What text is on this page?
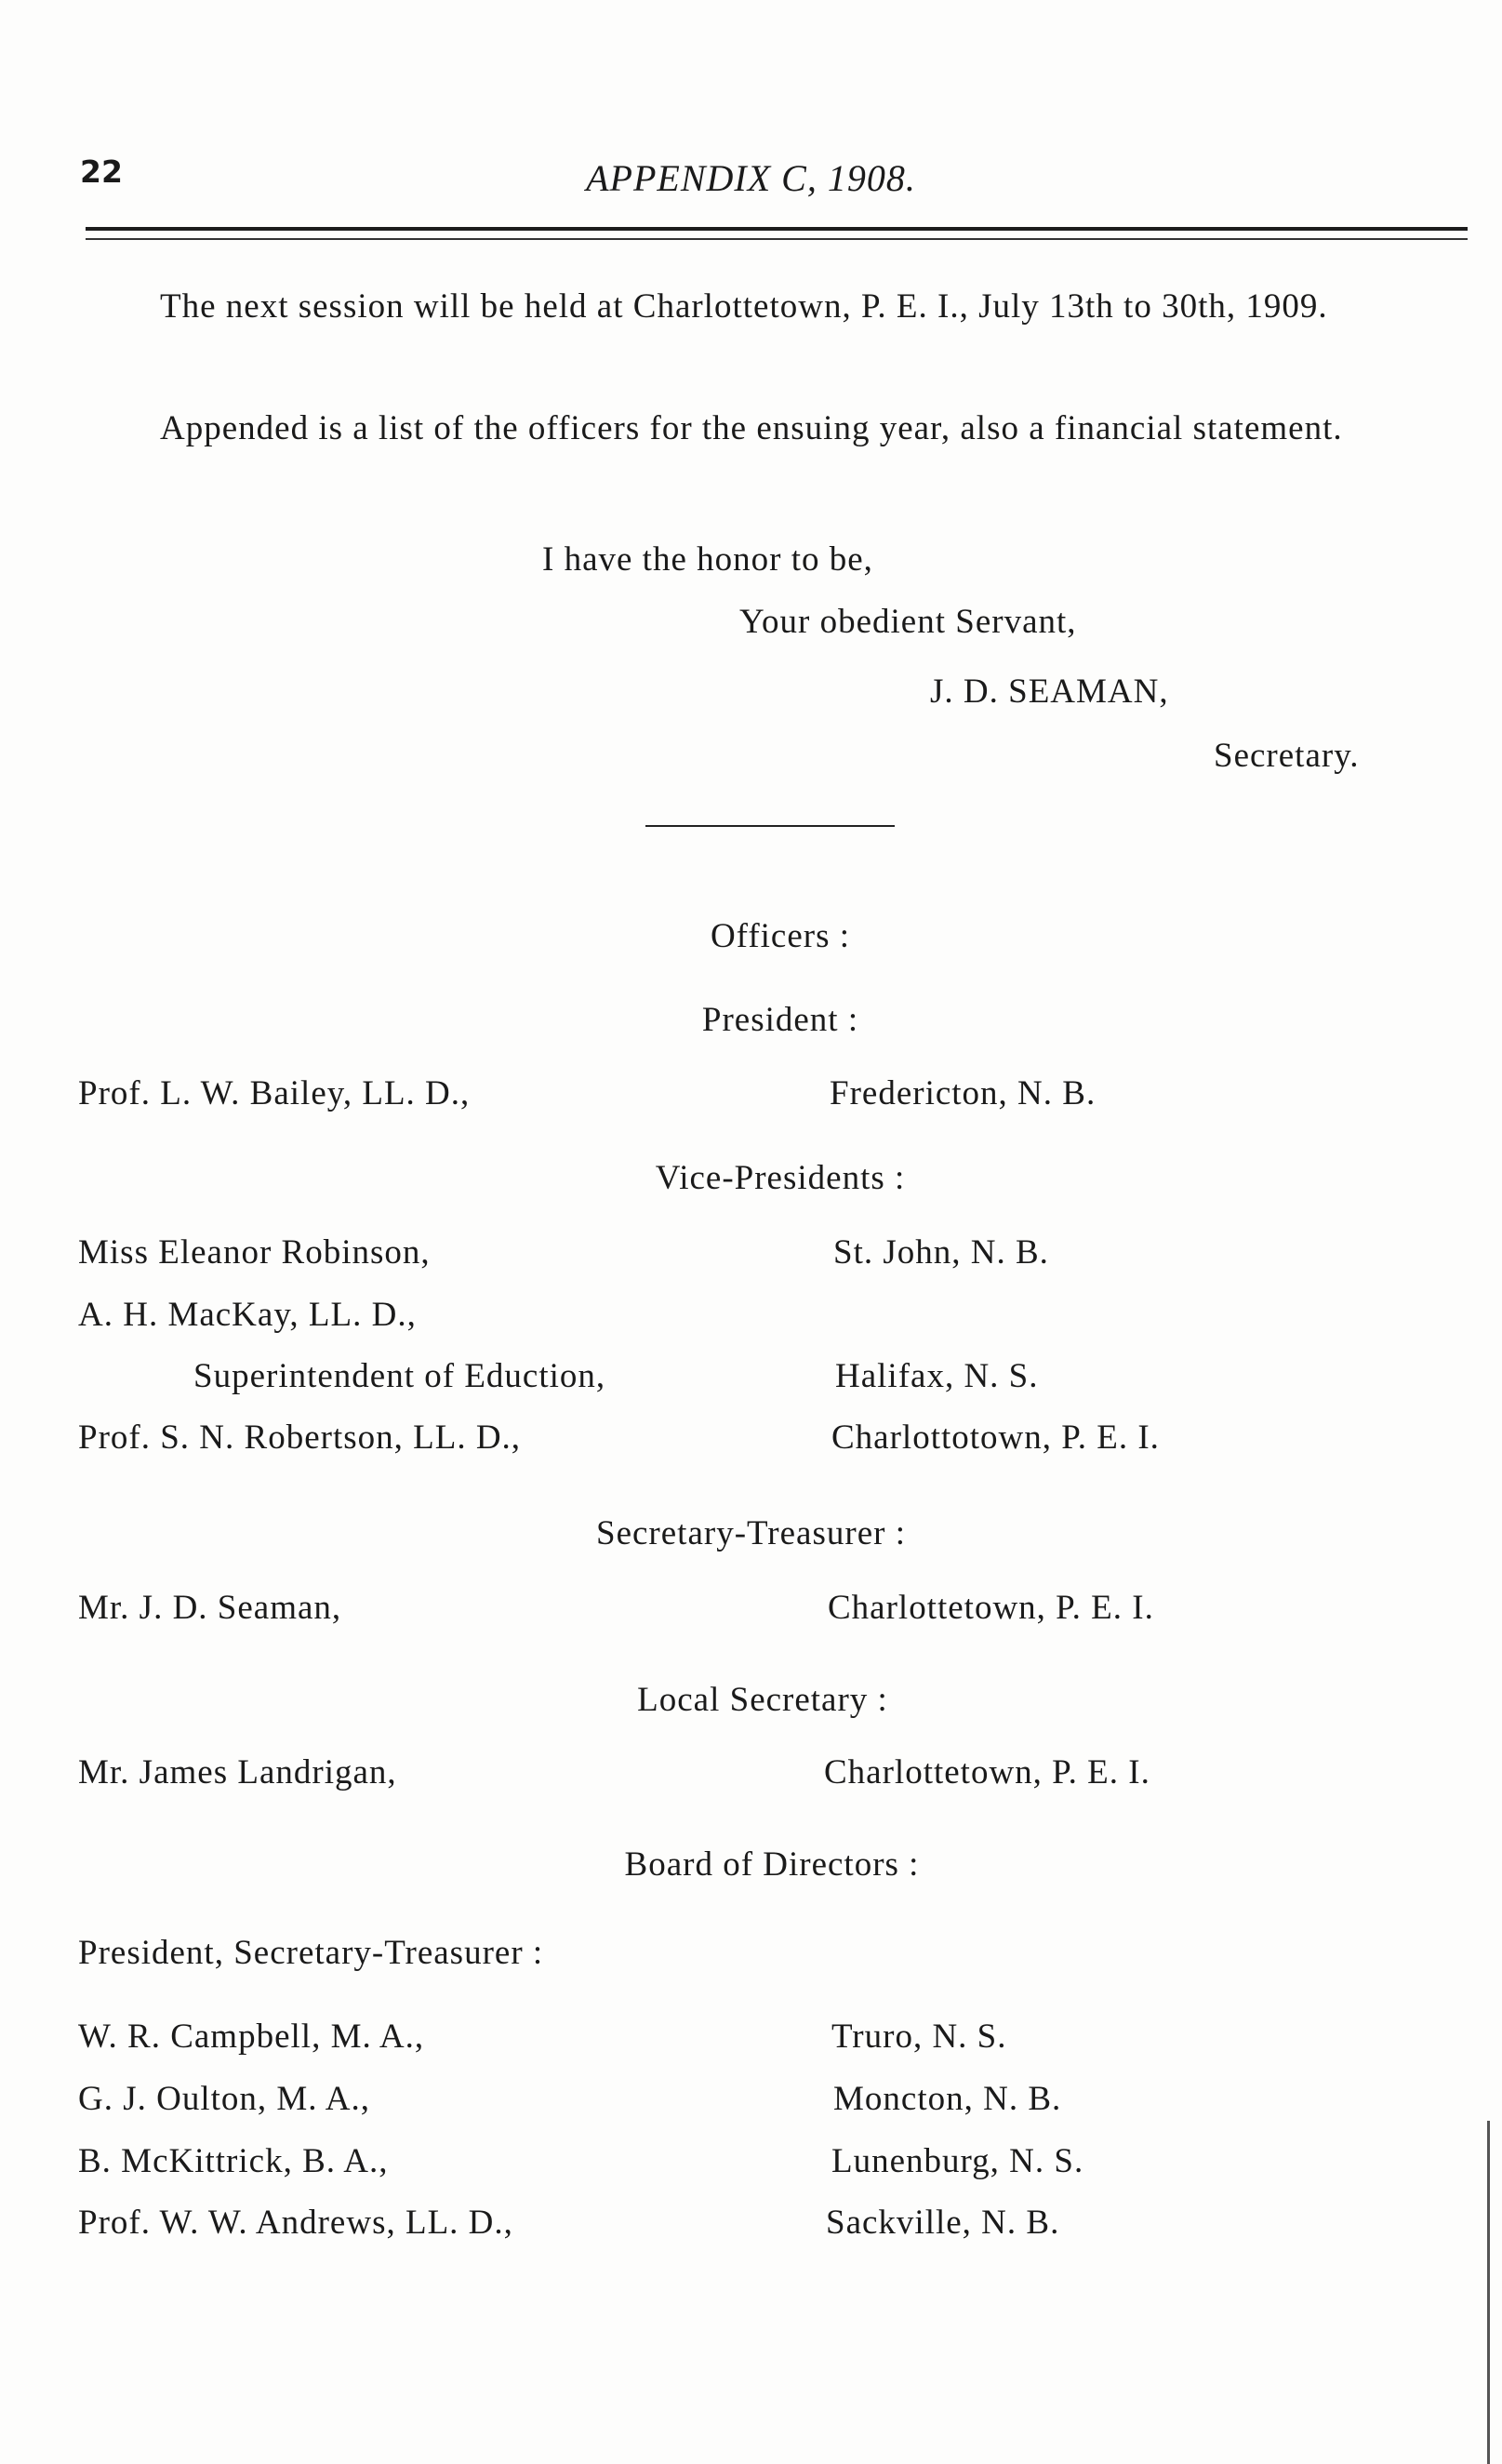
22	APPENDIX C, 1908.
The next session will be held at Charlottetown, P. E. I., July 13th to 30th, 1909.
Appended is a list of the officers for the ensuing year, also a financial statement.
I have the honor to be,
Your obedient Servant,
J. D. SEAMAN,
Secretary.
Officers :
President :
Prof. L. W. Bailey, LL. D.,	Fredericton, N. B.
Vice-Presidents :
Miss Eleanor Robinson,	St. John, N. B.
A. H. MacKay, LL. D.,
Superintendent of Eduction,	Halifax, N. S.
Prof. S. N. Robertson, LL. D.,	Charlottotown, P. E. I.
Secretary-Treasurer :
Mr. J. D. Seaman,	Charlottetown, P. E. I.
Local Secretary :
Mr. James Landrigan,	Charlottetown, P. E. I.
Board of Directors :
President, Secretary-Treasurer :
W. R. Campbell, M. A.,	Truro, N. S.
G. J. Oulton, M. A.,	Moncton, N. B.
B. McKittrick, B. A.,	Lunenburg, N. S.
Prof. W. W. Andrews, LL. D.,	Sackville, N. B.
